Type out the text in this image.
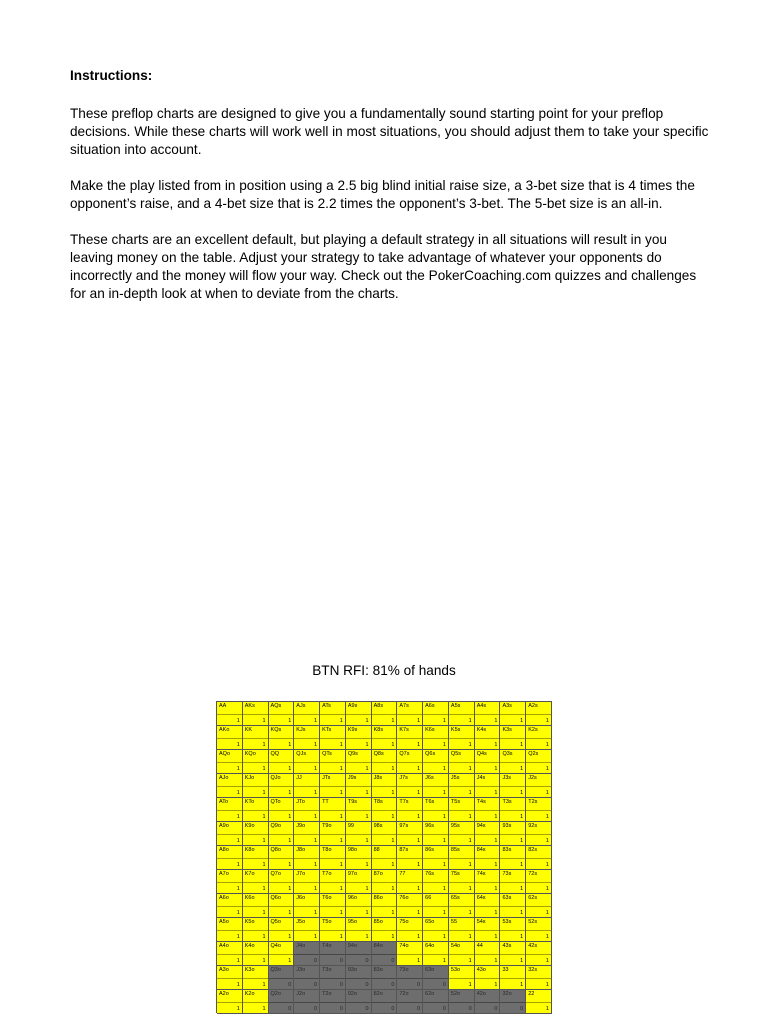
Instructions:
These preflop charts are designed to give you a fundamentally sound starting point for your preflop decisions. While these charts will work well in most situations, you should adjust them to take your specific situation into account.
Make the play listed from in position using a 2.5 big blind initial raise size, a 3-bet size that is 4 times the opponent’s raise, and a 4-bet size that is 2.2 times the opponent’s 3-bet. The 5-bet size is an all-in.
These charts are an excellent default, but playing a default strategy in all situations will result in you leaving money on the table. Adjust your strategy to take advantage of whatever your opponents do incorrectly and the money will flow your way. Check out the PokerCoaching.com quizzes and challenges for an in-depth look at when to deviate from the charts.
BTN RFI: 81% of hands
AA
1
AKs
1
AQs
1
AJs
1
ATs
1
A9s
1
A8s
1
A7s
1
A6s
1
A5s
1
A4s
1
A3s
1
A2s
1
AKo
1
KK
1
KQs
1
KJs
1
KTs
1
K9s
1
K8s
1
K7s
1
K6s
1
K5s
1
K4s
1
K3s
1
K2s
1
AQo
1
KQo
1
QQ
1
QJs
1
QTs
1
Q9s
1
Q8s
1
Q7s
1
Q6s
1
Q5s
1
Q4s
1
Q3s
1
Q2s
1
AJo
1
KJo
1
QJo
1
JJ
1
JTs
1
J9s
1
J8s
1
J7s
1
J6s
1
J5s
1
J4s
1
J3s
1
J2s
1
ATo
1
KTo
1
QTo
1
JTo
1
TT
1
T9s
1
T8s
1
T7s
1
T6s
1
T5s
1
T4s
1
T3s
1
T2s
1
A9o
1
K9o
1
Q9o
1
J9o
1
T9o
1
99
1
98s
1
97s
1
96s
1
95s
1
94s
1
93s
1
92s
1
A8o
1
K8o
1
Q8o
1
J8o
1
T8o
1
98o
1
88
1
87s
1
86s
1
85s
1
84s
1
83s
1
82s
1
A7o
1
K7o
1
Q7o
1
J7o
1
T7o
1
97o
1
87o
1
77
1
76s
1
75s
1
74s
1
73s
1
72s
1
A6o
1
K6o
1
Q6o
1
J6o
1
T6o
1
96o
1
86o
1
76o
1
66
1
65s
1
64s
1
63s
1
62s
1
A5o
1
K5o
1
Q5o
1
J5o
1
T5o
1
95o
1
85o
1
75o
1
65o
1
55
1
54s
1
53s
1
52s
1
A4o
1
K4o
1
Q4o
1
J4o
0
T4o
0
94o
0
84o
0
74o
1
64o
1
54o
1
44
1
43s
1
42s
1
A3o
1
K3o
1
Q3o
0
J3o
0
T3o
0
93o
0
83o
0
73o
0
63o
0
53o
1
43o
1
33
1
32s
1
A2o
1
K2o
1
Q2o
0
J2o
0
T2o
0
92o
0
82o
0
72o
0
62o
0
52o
0
42o
0
32o
0
22
1
